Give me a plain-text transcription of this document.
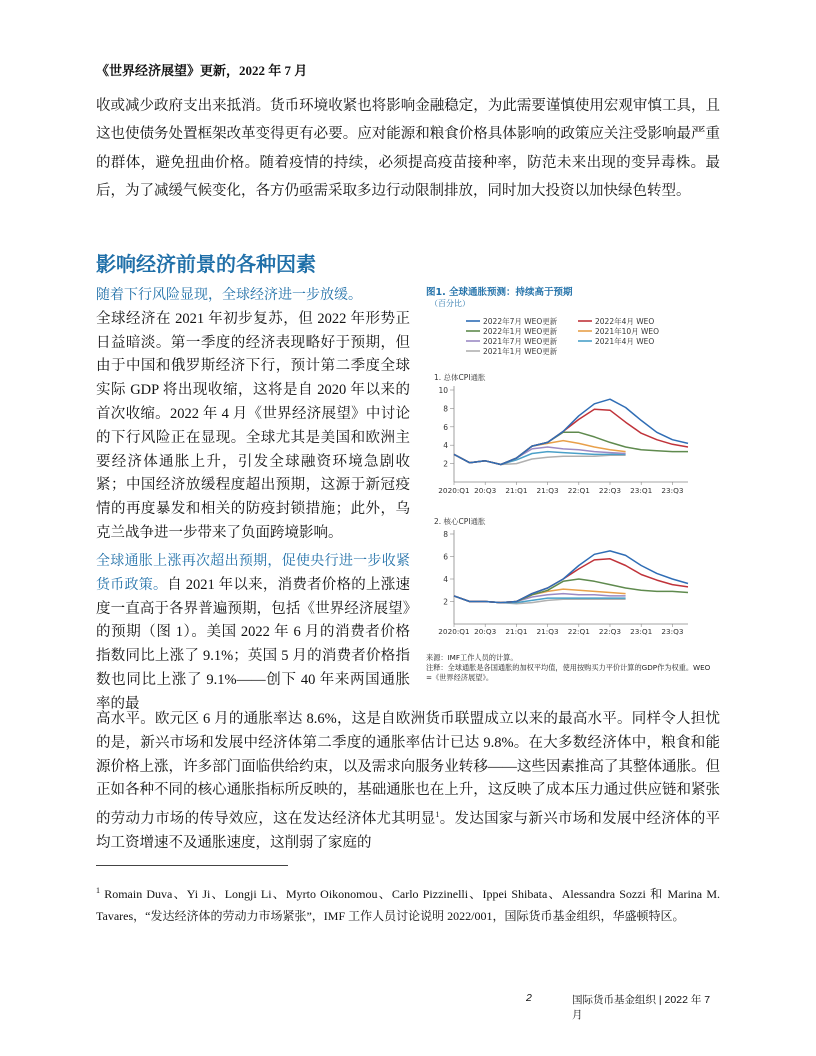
《世界经济展望》更新，2022 年 7 月
收或减少政府支出来抵消。货币环境收紧也将影响金融稳定，为此需要谨慎使用宏观审慎工具，且这也使债务处置框架改革变得更有必要。应对能源和粮食价格具体影响的政策应关注受影响最严重的群体，避免扭曲价格。随着疫情的持续，必须提高疫苗接种率，防范未来出现的变异毒株。最后，为了减缓气候变化，各方仍亟需采取多边行动限制排放，同时加大投资以加快绿色转型。
影响经济前景的各种因素
随着下行风险显现，全球经济进一步放缓。
全球经济在 2021 年初步复苏，但 2022 年形势正日益暗淡。第一季度的经济表现略好于预期，但由于中国和俄罗斯经济下行，预计第二季度全球实际 GDP 将出现收缩，这将是自 2020 年以来的首次收缩。2022 年 4 月《世界经济展望》中讨论的下行风险正在显现。全球尤其是美国和欧洲主要经济体通胀上升，引发全球融资环境急剧收紧；中国经济放缓程度超出预期，这源于新冠疫情的再度暴发和相关的防疫封锁措施；此外，乌克兰战争进一步带来了负面跨境影响。
全球通胀上涨再次超出预期，促使央行进一步收紧货币政策。自 2021 年以来，消费者价格的上涨速度一直高于各界普遍预期，包括《世界经济展望》的预期（图 1）。美国 2022 年 6 月的消费者价格指数同比上涨了 9.1%；英国 5 月的消费者价格指数也同比上涨了 9.1%——创下 40 年来两国通胀率的最
高水平。欧元区 6 月的通胀率达 8.6%，这是自欧洲货币联盟成立以来的最高水平。同样令人担忧的是，新兴市场和发展中经济体第二季度的通胀率估计已达 9.8%。在大多数经济体中，粮食和能源价格上涨，许多部门面临供给约束，以及需求向服务业转移——这些因素推高了其整体通胀。但正如各种不同的核心通胀指标所反映的，基础通胀也在上升，这反映了成本压力通过供应链和紧张的劳动力市场的传导效应，这在发达经济体尤其明显$^1$。发达国家与新兴市场和发展中经济体的平均工资增速不及通胀速度，这削弱了家庭的
图1. 全球通胀预测：持续高于预期
（百分比）
2022年7月 WEO更新	2022年4月 WEO
2022年1月 WEO更新	2021年10月 WEO
2021年7月 WEO更新	2021年4月 WEO
2021年1月 WEO更新
1. 总体CPI通胀
2
4
6
8
10
2020:Q1 20:Q3 21:Q1 21:Q3 22:Q1 22:Q3 23:Q1 23:Q3
2. 核心CPI通胀
2
4
6
8
2020:Q1 20:Q3 21:Q1 21:Q3 22:Q1 22:Q3 23:Q1 23:Q3
来源：IMF工作人员的计算。
注释：全球通胀是各国通胀的加权平均值，使用按购买力平价计算的GDP作为权重。WEO =《世界经济展望》。
$^1$ Romain Duva、Yi Ji、Longji Li、Myrto Oikonomou、Carlo Pizzinelli、Ippei Shibata、Alessandra Sozzi 和 Marina M. Tavares，“发达经济体的劳动力市场紧张”，IMF 工作人员讨论说明 2022/001，国际货币基金组织，华盛顿特区。
2	国际货币基金组织 | 2022 年 7 月
